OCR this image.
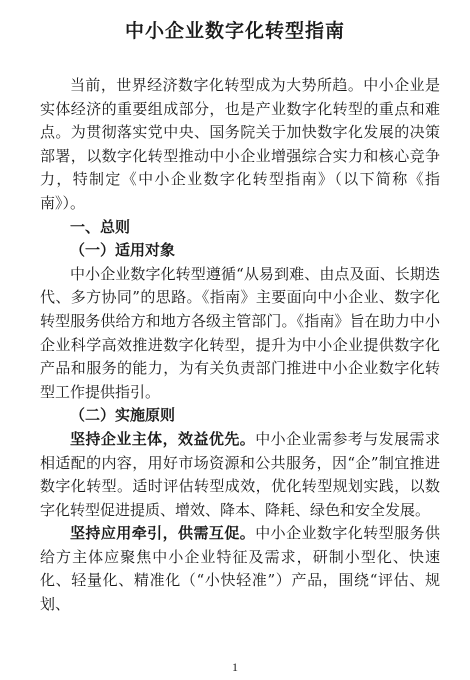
中小企业数字化转型指南

当前，世界经济数字化转型成为大势所趋。中小企业是实体经济的重要组成部分，也是产业数字化转型的重点和难点。为贯彻落实党中央、国务院关于加快数字化发展的决策部署，以数字化转型推动中小企业增强综合实力和核心竞争力，特制定《中小企业数字化转型指南》（以下简称《指南》）。

一、总则

（一）适用对象

中小企业数字化转型遵循“从易到难、由点及面、长期迭代、多方协同”的思路。《指南》主要面向中小企业、数字化转型服务供给方和地方各级主管部门。《指南》旨在助力中小企业科学高效推进数字化转型，提升为中小企业提供数字化产品和服务的能力，为有关负责部门推进中小企业数字化转型工作提供指引。

（二）实施原则

坚持企业主体，效益优先。中小企业需参考与发展需求相适配的内容，用好市场资源和公共服务，因“企”制宜推进数字化转型。适时评估转型成效，优化转型规划实践，以数字化转型促进提质、增效、降本、降耗、绿色和安全发展。

坚持应用牵引，供需互促。中小企业数字化转型服务供给方主体应聚焦中小企业特征及需求，研制小型化、快速化、轻量化、精准化（“小快轻准”）产品，围绕“评估、规划、

1
